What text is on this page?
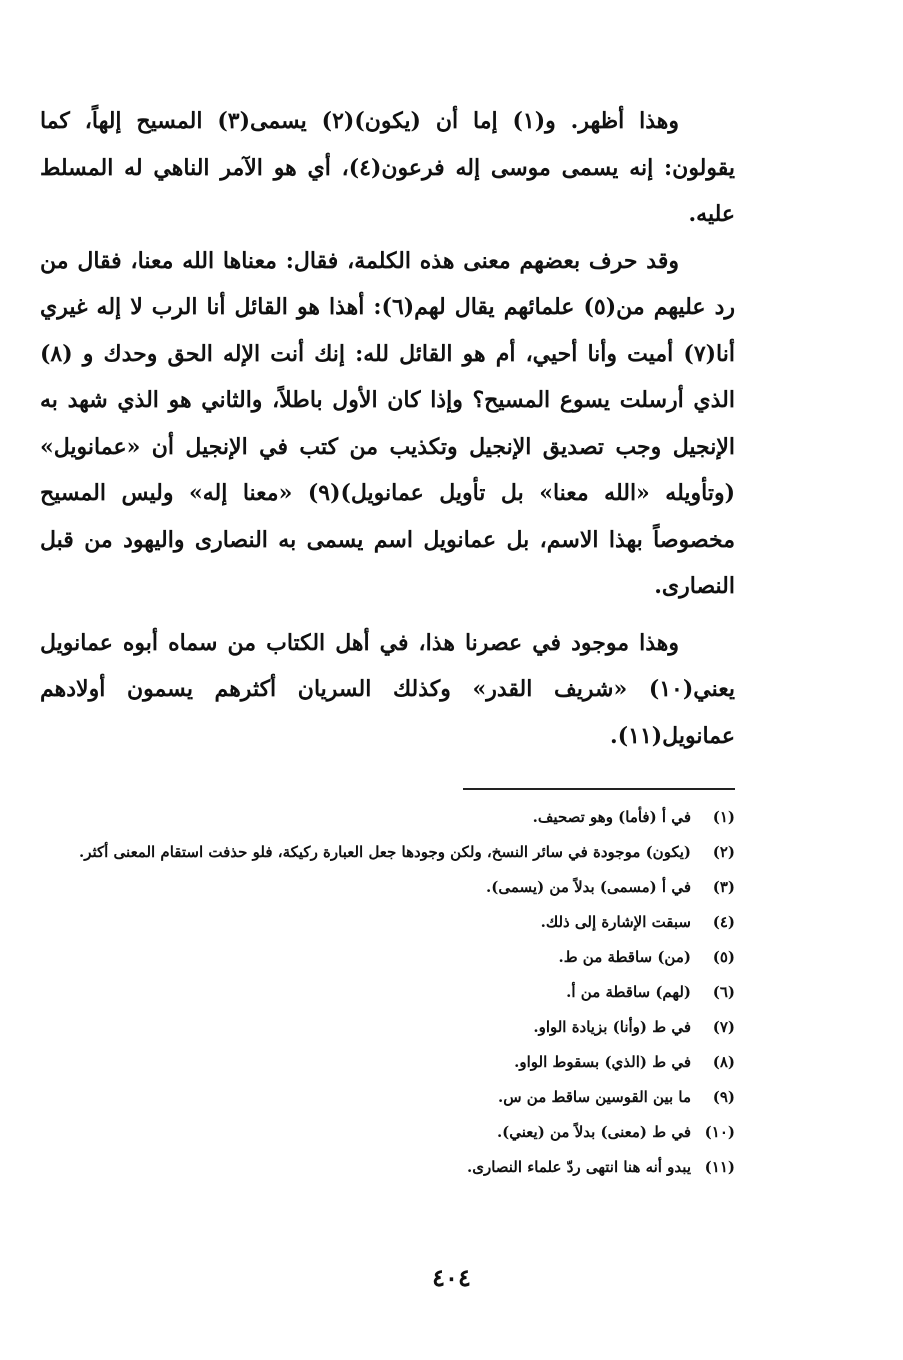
وهذا أظهر. و(١) إما أن (يكون)(٢) يسمى(٣) المسيح إلهاً، كما يقولون: إنه يسمى موسى إله فرعون(٤)، أي هو الآمر الناهي له المسلط عليه.

وقد حرف بعضهم معنى هذه الكلمة، فقال: معناها الله معنا، فقال من رد عليهم من(٥) علمائهم يقال لهم(٦): أهذا هو القائل أنا الرب لا إله غيري أنا(٧) أميت وأنا أحيي، أم هو القائل لله: إنك أنت الإله الحق وحدك و (٨) الذي أرسلت يسوع المسيح؟ وإذا كان الأول باطلاً، والثاني هو الذي شهد به الإنجيل وجب تصديق الإنجيل وتكذيب من كتب في الإنجيل أن «عمانويل» (وتأويله «الله معنا» بل تأويل عمانويل)(٩) «معنا إله» وليس المسيح مخصوصاً بهذا الاسم، بل عمانويل اسم يسمى به النصارى واليهود من قبل النصارى.

وهذا موجود في عصرنا هذا، في أهل الكتاب من سماه أبوه عمانويل يعني(١٠) «شريف القدر» وكذلك السريان أكثرهم يسمون أولادهم عمانويل(١١).

(١)
في أ (فأما) وهو تصحيف.
(٢)
(يكون) موجودة في سائر النسخ، ولكن وجودها جعل العبارة ركيكة، فلو حذفت استقام المعنى أكثر.
(٣)
في أ (مسمى) بدلاً من (يسمى).
(٤)
سبقت الإشارة إلى ذلك.
(٥)
(من) ساقطة من ط.
(٦)
(لهم) ساقطة من أ.
(٧)
في ط (وأنا) بزيادة الواو.
(٨)
في ط (الذي) بسقوط الواو.
(٩)
ما بين القوسين ساقط من س.
(١٠)
في ط (معنى) بدلاً من (يعني).
(١١)
يبدو أنه هنا انتهى ردّ علماء النصارى.
٤٠٤
